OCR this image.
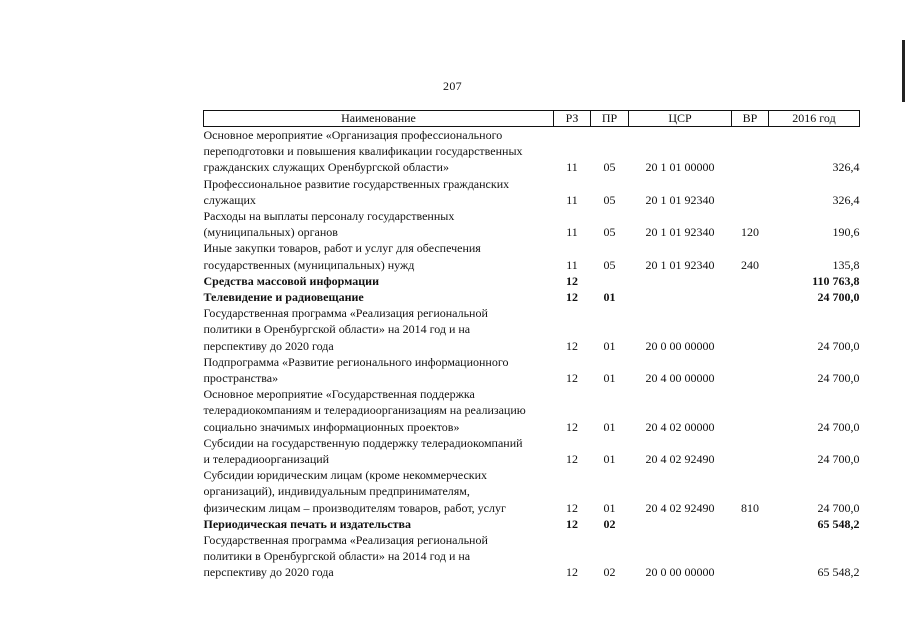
207
Наименование	РЗ	ПР	ЦСР	ВР	2016 год

Основное мероприятие «Организация профессионального
переподготовки и повышения квалификации государственных
гражданских служащих Оренбургской области»	11	05	20 1 01 00000		326,4

Профессиональное развитие государственных гражданских
служащих	11	05	20 1 01 92340		326,4

Расходы на выплаты персоналу государственных
(муниципальных) органов	11	05	20 1 01 92340	120	190,6

Иные закупки товаров, работ и услуг для обеспечения
государственных (муниципальных) нужд	11	05	20 1 01 92340	240	135,8

Средства массовой информации	12				110 763,8

Телевидение и радиовещание	12	01			24 700,0

Государственная программа «Реализация региональной
политики в Оренбургской области» на 2014 год и на
перспективу до 2020 года	12	01	20 0 00 00000		24 700,0

Подпрограмма «Развитие регионального информационного
пространства»	12	01	20 4 00 00000		24 700,0

Основное мероприятие «Государственная поддержка
телерадиокомпаниям и телерадиоорганизациям на реализацию
социально значимых информационных проектов»	12	01	20 4 02 00000		24 700,0

Субсидии на государственную поддержку телерадиокомпаний
и телерадиоорганизаций	12	01	20 4 02 92490		24 700,0

Субсидии юридическим лицам (кроме некоммерческих
организаций), индивидуальным предпринимателям,
физическим лицам – производителям товаров, работ, услуг	12	01	20 4 02 92490	810	24 700,0

Периодическая печать и издательства	12	02			65 548,2

Государственная программа «Реализация региональной
политики в Оренбургской области» на 2014 год и на
перспективу до 2020 года	12	02	20 0 00 00000		65 548,2
